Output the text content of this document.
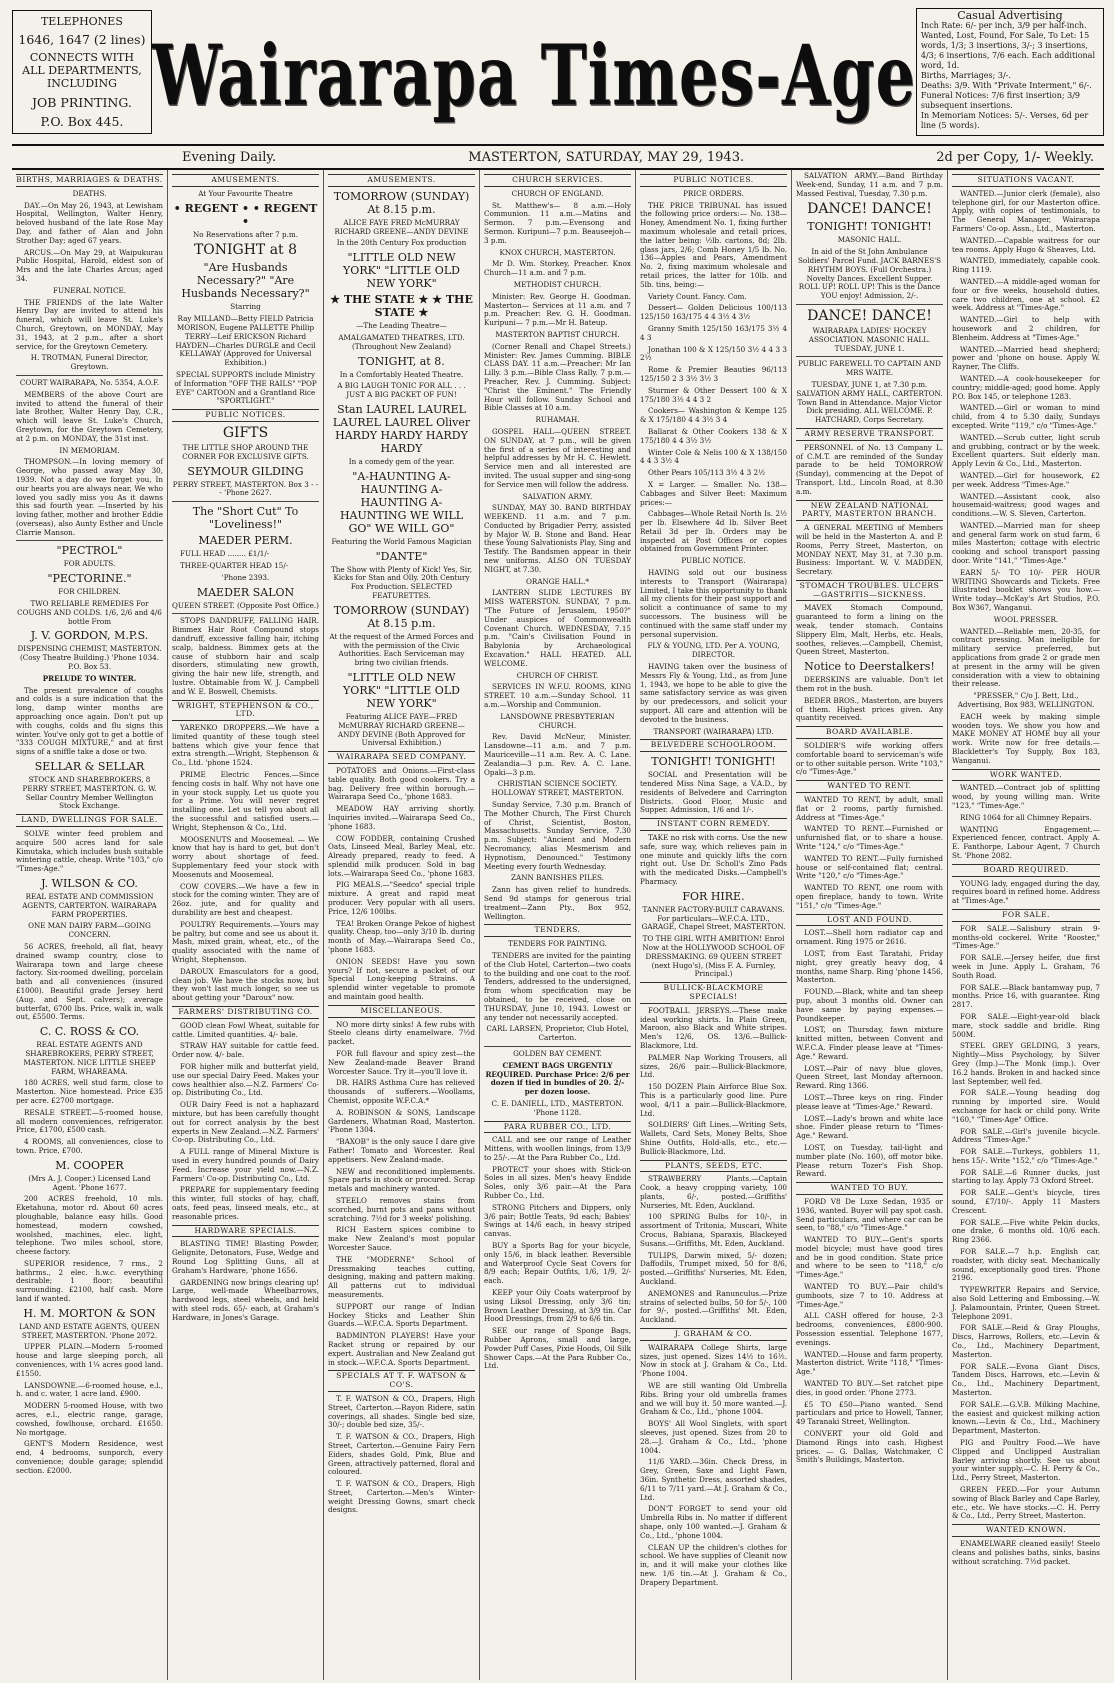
TELEPHONES
1646, 1647 (2 lines)
CONNECTS WITH ALL DEPARTMENTS, INCLUDING
JOB PRINTING.
P.O. Box 445. Wairarapa Times-Age
Casual Advertising
Inch Rate: 6/- per inch, 3/9 per half-inch.
Wanted, Lost, Found, For Sale, To Let: 15 words, 1/3; 3 insertions, 3/-; 3 insertions, 4/3; 6 insertions, 7/6 each. Each additional word, 1d.
Births, Marriages; 3/-.
Deaths: 3/9. With "Private Interment," 6/-.
Funeral Notices: 7/6 first insertion; 3/9 subsequent insertions.
In Memoriam Notices: 5/-. Verses, 6d per line (5 words).
Evening Daily.	MASTERTON, SATURDAY, MAY 29, 1943.	2d per Copy, 1/- Weekly.
BIRTHS, MARRIAGES & DEATHS.

DEATHS.

DAY.—On May 26, 1943, at Lewisham Hospital, Wellington, Walter Henry, beloved husband of the late Rose May Day, and father of Alan and John Strother Day; aged 67 years.

ARCUS.—On May 29, at Waipukurau Public Hospital, Harold, eldest son of Mrs and the late Charles Arcus; aged 34.

FUNERAL NOTICE.

THE FRIENDS of the late Walter Henry Day are invited to attend his funeral, which will leave St. Luke's Church, Greytown, on MONDAY, May 31, 1943, at 2 p.m., after a short service, for the Greytown Cemetery.

H. TROTMAN, Funeral Director, Greytown.

COURT WAIRARAPA, No. 5354, A.O.F.

MEMBERS of the above Court are invited to attend the funeral of their late Brother, Walter Henry Day, C.R., which will leave St. Luke's Church, Greytown, for the Greytown Cemetery, at 2 p.m. on MONDAY, the 31st inst.

IN MEMORIAM.

THOMPSON.—In loving memory of George, who passed away May 30, 1939. Not a day do we forget you, In our hearts you are always near, We who loved you sadly miss you As it dawns this sad fourth year. —Inserted by his loving father, mother and brother Eddie (overseas), also Aunty Esther and Uncle Clarrie Manson.

"PECTROL"

FOR ADULTS.

"PECTORINE."

FOR CHILDREN.

TWO RELIABLE REMEDIES For COUGHS AND COLDS. 1/6, 2/6 and 4/6 bottle From

J. V. GORDON, M.P.S.

DISPENSING CHEMIST, MASTERTON. (Cosy Theatre Building.) 'Phone 1034. P.O. Box 53.

PRELUDE TO WINTER.

The present prevalence of coughs and colds is a sure indication that the long, damp winter months are approaching once again. Don't put up with coughs, colds and flu signs this winter. You've only got to get a bottle of "333 COUGH MIXTURE," and at first signs of a sniffle take a dose or two.

SELLAR & SELLAR

STOCK AND SHAREBROKERS, 8 PERRY STREET, MASTERTON. G. W. Sellar Country Member Wellington Stock Exchange.

LAND, DWELLINGS FOR SALE.

SOLVE winter feed problem and acquire 500 acres land for sale Kimutaka, which includes bush suitable wintering cattle, cheap. Write "103," c/o "Times-Age."

J. WILSON & CO.

REAL ESTATE AND COMMISSION AGENTS, CARTERTON. WAIRARAPA FARM PROPERTIES.

ONE MAN DAIRY FARM—GOING CONCERN.

56 ACRES, freehold, all flat, heavy drained swamp country, close to Wairarapa town and large cheese factory. Six-roomed dwelling, porcelain bath and all conveniences (insured £1000). Beautiful grade Jersey herd (Aug. and Sept. calvers); average butterfat, 6700 lbs. Price, walk in, walk out, £5500. Terms.

C. C. ROSS & CO.

REAL ESTATE AGENTS AND SHAREBROKERS, PERRY STREET, MASTERTON. NICE LITTLE SHEEP FARM, WHAREAMA.

180 ACRES, well stud farm, close to Masterton. Nice homestead. Price £35 per acre. £2700 mortgage.

RESALE STREET.—5-roomed house, all modern conveniences, refrigerator. Price, £1700, £500 cash.

4 ROOMS, all conveniences, close to town. Price, £700.

M. COOPER

(Mrs A. J. Cooper.) Licensed Land Agent. 'Phone 1677.

200 ACRES freehold, 10 mls. Eketahuna, motor rd. About 60 acres ploughable, balance easy hills. Good homestead, modern cowshed, woolshed, machines, elec. light, telephone. Two miles school, store, cheese factory.

SUPERIOR residence, 7 rms., 2 bathrms., 2 elec. h.w.c. everything desirable; 1 floor; beautiful surrounding. £2100, half cash. More land if wanted.

H. M. MORTON & SON

LAND AND ESTATE AGENTS, QUEEN STREET, MASTERTON. 'Phone 2072.

UPPER PLAIN.—Modern 5-roomed house and large sleeping porch, all conveniences, with 1¼ acres good land. £1550.

LANSDOWNE.—6-roomed house, e.l., h. and c. water, 1 acre land. £900.

MODERN 5-roomed House, with two acres, e.l., electric range, garage, cowshed, fowlhouse, orchard. £1650. No mortgage.

GENT'S Modern Residence, west end, 4 bedrooms, sunporch, every convenience; double garage; splendid section. £2000.

AMUSEMENTS.

At Your Favourite Theatre

• REGENT • • REGENT •

No Reservations after 7 p.m.

TONIGHT at 8

"Are Husbands Necessary?" "Are Husbands Necessary?"

Starring

Ray MILLAND—Betty FIELD Patricia MORISON, Eugene PALLETTE Phillip TERRY—Leif ERICKSON Richard HAYDEN—Charles DURGLE and Cecil KELLAWAY (Approved for Universal Exhibition.)

SPECIAL SUPPORTS include Ministry of Information "OFF THE RAILS" "POP EYE" CARTOON and a Grantland Rice "SPORTLIGHT."

PUBLIC NOTICES.

GIFTS

THE LITTLE SHOP AROUND THE CORNER FOR EXCLUSIVE GIFTS.

SEYMOUR GILDING

PERRY STREET, MASTERTON. Box 3 - - - 'Phone 2627.

The "Short Cut" To "Loveliness!"

MAEDER PERM.

FULL HEAD ........ £1/1/-

THREE-QUARTER HEAD 15/-

'Phone 2393.

MAEDER SALON

QUEEN STREET. (Opposite Post Office.)

STOPS DANDRUFF, FALLING HAIR. Bimmex Hair Root Compound stops dandruff, excessive falling hair, itching scalp, baldness. Bimmex gets at the cause of stubborn hair and scalp disorders, stimulating new growth, giving the hair new life, strength, and lustre. Obtainable from W. J. Campbell and W. E. Boswell, Chemists.

WRIGHT, STEPHENSON & CO., LTD.

YARENKO DROPPERS.—We have a limited quantity of these tough steel battens which give your fence that extra strength.—Wright, Stephenson & Co., Ltd. 'phone 1524.

PRIME Electric Fences.—Since fencing costs in half. Why not have one in your stock supply. Let us quote you for a Prime. You will never regret installing one. Let us tell you about all the successful and satisfied users.—Wright, Stephenson & Co., Ltd.

MOOSENUTS and Moosemeal. — We know that hay is hard to get, but don't worry about shortage of feed. Supplementary feed your stock with Moosenuts and Moosemeal.

COW COVERS.—We have a few in stock for the coming winter. They are of 26oz. jute, and for quality and durability are best and cheapest.

POULTRY Requirements.—Yours may be paltry, but come and see us about it. Mash, mixed grain, wheat, etc., of the quality associated with the name of Wright, Stephenson.

DAROUX Emasculators for a good, clean job. We have the stocks now, but they won't last much longer, so see us about getting your "Daroux" now.

FARMERS' DISTRIBUTING CO.

GOOD clean Fowl Wheat, suitable for cattle. Limited quantities. 4/- bale.

STRAW HAY suitable for cattle feed. Order now. 4/- bale.

FOR higher milk and butterfat yield, use our special Dairy Feed. Makes your cows healthier also.—N.Z. Farmers' Co-op. Distributing Co., Ltd.

OUR Dairy Feed is not a haphazard mixture, but has been carefully thought out for correct analysis by the best experts in New Zealand.—N.Z. Farmers' Co-op. Distributing Co., Ltd.

A FULL range of Mineral Mixture is used in every hundred pounds of Dairy Feed. Increase your yield now.—N.Z. Farmers' Co-op. Distributing Co., Ltd.

PREPARE for supplementary feeding this winter, full stocks of hay, chaff, oats, feed peas, linseed meals, etc., at reasonable prices.

HARDWARE SPECIALS.

BLASTING TIME! Blasting Powder, Gelignite, Detonators, Fuse, Wedge and Round Log Splitting Guns, all at Graham's Hardware, 'phone 1656.

GARDENING now brings clearing up! Large, well-made Wheelbarrows, hardwood legs, steel wheels, and held with steel rods. 65/- each, at Graham's Hardware, in Jones's Garage.

AMUSEMENTS.

TOMORROW (SUNDAY) At 8.15 p.m.

ALICE FAYE FRED McMURRAY RICHARD GREENE—ANDY DEVINE

In the 20th Century Fox production

"LITTLE OLD NEW YORK" "LITTLE OLD NEW YORK"

★ THE STATE ★ ★ THE STATE ★

—The Leading Theatre—

AMALGAMATED THEATRES, LTD. (Throughout New Zealand)

TONIGHT, at 8.

In a Comfortably Heated Theatre.

A BIG LAUGH TONIC FOR ALL . . . JUST A BIG PACKET OF FUN!

Stan LAUREL LAUREL LAUREL LAUREL Oliver HARDY HARDY HARDY HARDY

In a comedy gem of the year.

"A-HAUNTING A-HAUNTING A-HAUNTING A-HAUNTING WE WILL GO" WE WILL GO"

Featuring the World Famous Magician

"DANTE"

The Show with Plenty of Kick! Yes, Sir, Kicks for Stan and Olly. 20th Century Fox Production. SELECTED FEATURETTES.

TOMORROW (SUNDAY) At 8.15 p.m.

At the request of the Armed Forces and with the permission of the Civic Authorities. Each Serviceman may bring two civilian friends.

"LITTLE OLD NEW YORK" "LITTLE OLD NEW YORK"

Featuring ALICE FAYE—FRED McMURRAY RICHARD GREENE—ANDY DEVINE (Both Approved for Universal Exhibition.)

WAIRARAPA SEED COMPANY.

POTATOES and Onions.—First-class table quality. Both good cookers. Try a bag. Delivery free within borough.—Wairarapa Seed Co., 'phone 1683.

MEADOW HAY arriving shortly. Inquiries invited.—Wairarapa Seed Co., 'phone 1683.

COW FODDER, containing Crushed Oats, Linseed Meal, Barley Meal, etc. Already prepared, ready to feed. A splendid milk producer. Sold in bag lots.—Wairarapa Seed Co., 'phone 1683.

PIG MEALS.—"Seedco" special triple mixture. A great and rapid meat producer. Very popular with all users. Price, 12/6 100lbs.

TEA! Broken Orange Pekoe of highest quality. Cheap, too—only 3/10 lb. during month of May.—Wairarapa Seed Co., 'phone 1683.

ONION SEEDS! Have you sown yours? If not, secure a packet of our Special Long-keeping Strains. A splendid winter vegetable to promote and maintain good health.

MISCELLANEOUS.

NO more dirty sinks! A few rubs with Steelo cleans dirty enamelware. 7½d packet.

FOR full flavour and spicy zest—the New Zealand-made Beaver Brand Worcester Sauce. Try it—you'll love it.

DR. HAIRS Asthma Cure has relieved thousands of sufferers.—Woollams, Chemist, opposite W.F.C.A.*

A. ROBINSON & SONS, Landscape Gardeners, Whatman Road, Masterton. 'Phone 1304.

"BAXOB" is the only sauce I dare give Father! Tomato and Worcester. Real appetisers. New Zealand-made.

NEW and reconditioned implements. Spare parts in stock or procured. Scrap metals and machinery wanted.

STEELO removes stains from scorched, burnt pots and pans without scratching. 7½d for 3 weeks' polishing.

RICH Eastern spices combine to make New Zealand's most popular Worcester Sauce.

THE "MODERNE" School of Dressmaking teaches cutting, designing, making and pattern making. All patterns cut to individual measurements.

SUPPORT our range of Indian Hockey Sticks and Leather Shin Guards.—W.F.C.A. Sports Department.

BADMINTON PLAYERS! Have your Racket strung or repaired by our expert. Australian and New Zealand gut in stock.—W.F.C.A. Sports Department.

SPECIALS AT T. F. WATSON & CO'S.

T. F. WATSON & CO., Drapers, High Street, Carterton.—Rayon Ridere, satin coverings, all shades. Single bed size, 30/-; double bed size, 35/-.

T. F. WATSON & CO., Drapers, High Street, Carterton.—Genuine Fairy Fern Eiders, shades Gold, Pink, Blue and Green, attractively patterned, floral and coloured.

T. F. WATSON & CO., Drapers, High Street, Carterton.—Men's Winter-weight Dressing Gowns, smart check designs.

CHURCH SERVICES.

CHURCH OF ENGLAND.

St. Matthew's— 8 a.m.—Holy Communion. 11 a.m.—Matins and Sermon. 7 p.m.—Evensong and Sermon. Kuripuni—7 p.m. Beauseejoh—3 p.m.

KNOX CHURCH, MASTERTON.

Mr D. Wm. Storkey, Preacher. Knox Church—11 a.m. and 7 p.m.

METHODIST CHURCH.

Minister: Rev. George H. Goodman. Masterton— Services at 11 a.m. and 7 p.m. Preacher: Rev. G. H. Goodman. Kuripuni— 7 p.m.—Mr H. Bateup.

MASTERTON BAPTIST CHURCH.

(Corner Renall and Chapel Streets.) Minister: Rev. James Cumming. BIBLE CLASS DAY. 11 a.m.—Preacher: Mr Ian Lilly. 3 p.m.—Bible Class Rally. 7 p.m.—Preacher, Rev. J. Cumming. Subject: "Christ the Eminent." The Friendly Hour will follow. Sunday School and Bible Classes at 10 a.m.

RUHAMAH.

GOSPEL HALL—QUEEN STREET. ON SUNDAY, at 7 p.m., will be given the first of a series of interesting and helpful addresses by Mr H. C. Hewlett. Service men and all interested are invited. The usual supper and sing-song for Service men will follow the address.

SALVATION ARMY.

SUNDAY, MAY 30. BAND BIRTHDAY WEEKEND. 11 a.m. and 7 p.m. Conducted by Brigadier Perry, assisted by Major W. B. Stone and Band. Hear these Young Salvationists Play, Sing and Testify. The Bandsmen appear in their new uniforms. ALSO ON TUESDAY NIGHT, at 7.30.

ORANGE HALL.*

LANTERN SLIDE LECTURES BY MISS WATERSTON. SUNDAY, 7 p.m. "The Future of Jerusalem, 1950?" Under auspices of Commonwealth Covenant Church. WEDNESDAY, 7.15 p.m. "Cain's Civilisation Found in Babylonia by Archaeological Excavation." HALL HEATED. ALL WELCOME.

CHURCH OF CHRIST.

SERVICES IN W.F.U. ROOMS, KING STREET. 10 a.m.—Sunday School. 11 a.m.—Worship and Communion.

LANSDOWNE PRESBYTERIAN CHURCH.

Rev. David McNeur, Minister. Lansdowne—11 a.m. and 7 p.m. Mauriceville—11 a.m. Rev. A. C. Lane. Zealandia—3 p.m. Rev. A. C. Lane. Opaki—3 p.m.

CHRISTIAN SCIENCE SOCIETY. HOLLOWAY STREET, MASTERTON.

Sunday Service, 7.30 p.m. Branch of The Mother Church, The First Church of Christ, Scientist, Boston, Massachusetts. Sunday Service, 7.30 p.m. Subject: "Ancient and Modern Necromancy, alias Mesmerism and Hypnotism, Denounced." Testimony Meeting every fourth Wednesday.

ZANN BANISHES PILES.

Zann has given relief to hundreds. Send 9d stamps for generous trial treatment—Zann Pty., Box 952, Wellington.

TENDERS.

TENDERS FOR PAINTING.

TENDERS are invited for the painting of the Club Hotel, Carterton—two coats to the building and one coat to the roof. Tenders, addressed to the undersigned, from whom specification may be obtained, to be received, close on THURSDAY, June 10, 1943. Lowest or any tender not necessarily accepted.

CARL LARSEN, Proprietor, Club Hotel, Carterton.

GOLDEN BAY CEMENT.

CEMENT BAGS URGENTLY REQUIRED. Purchase Price: 2/6 per dozen if tied in bundles of 20. 2/- per dozen loose.

C. E. DANIELL, LTD., MASTERTON. 'Phone 1128.

PARA RUBBER CO., LTD.

CALL and see our range of Leather Mittens, with woollen linings, from 13/9 to 25/-.—At the Para Rubber Co., Ltd.

PROTECT your shoes with Stick-on Soles in all sizes. Men's heavy Endide Soles, only 3/6 pair.—At the Para Rubber Co., Ltd.

STRONG Pitchers and Dippers, only 3/6 pair; Bottle Teats, 9d each; Babies' Swings at 14/6 each, in heavy striped canvas.

BUY a Sports Bag for your bicycle, only 15/6, in black leather. Reversible and Waterproof Cycle Seat Covers for 8/9 each; Repair Outfits, 1/6, 1/9, 2/- each.

KEEP your Oily Coats waterproof by using Liksol Dressing, only 3/6 tin; Brown Leather Dressing, at 3/9 tin. Car Hood Dressings, from 2/9 to 6/6 tin.

SEE our range of Sponge Bags, Rubber Aprons, small and large, Powder Puff Cases, Pixie Hoods, Oil Silk Shower Caps.—At the Para Rubber Co., Ltd.

PUBLIC NOTICES.

PRICE ORDERS.

THE PRICE TRIBUNAL has issued the following price orders:— No. 138—Honey, Amendment No. 1, fixing further maximum wholesale and retail prices, the latter being: ½lb. cartons, 8d; 2lb. glass jars, 2/6; Comb Honey 1/5 lb. No. 136—Apples and Pears, Amendment No. 2, fixing maximum wholesale and retail prices, the latter for 10lb. and 5lb. tins, being:—

Variety Count. Fancy. Com.

Dessert— Golden Delicious 100/113 125/150 163/175 4 4 3½ 4 3½

Granny Smith 125/150 163/175 3½ 4 4 3

Jonathan 100 & X 125/150 3½ 4 4 3 3 2½

Rome & Premier Beauties 96/113 125/150 2 3 3½ 3½ 3

Sturmer & Other Dessert 100 & X 175/180 3½ 4 4 3 2

Cookers— Washington & Kempe 125 & X 175/180 4 4 3½ 3 4

Ballarat & Other Cookers 138 & X 175/180 4 4 3½ 3½

Winter Cole & Nelis 100 & X 138/150 4 4 3 3½ 4

Other Pears 105/113 3½ 4 3 2½

X = Larger. — Smaller. No. 138—Cabbages and Silver Beet: Maximum prices:—

Cabbages—Whole Retail North Is. 2½ per lb. Elsewhere 4d lb. Silver Beet Retail 3d per lb. Orders may be inspected at Post Offices or copies obtained from Government Printer.

PUBLIC NOTICE.

HAVING sold out our business interests to Transport (Wairarapa) Limited, I take this opportunity to thank all my clients for their past support and solicit a continuance of same to my successors. The business will be continued with the same staff under my personal supervision.

FLY & YOUNG, LTD. Per A. YOUNG, DIRECTOR.

HAVING taken over the business of Messrs Fly & Young, Ltd., as from June 1, 1943, we hope to be able to give the same satisfactory service as was given by our predecessors, and solicit your support. All care and attention will be devoted to the business.

TRANSPORT (WAIRARAPA) LTD.

BELVEDERE SCHOOLROOM.

TONIGHT! TONIGHT!

SOCIAL and Presentation will be tendered Miss Nina Sage, a V.A.D., by residents of Belvedere and Carrington Districts. Good Floor, Music and Supper. Admission, 1/6 and 1/-.

INSTANT CORN REMEDY.

TAKE no risk with corns. Use the new safe, sure way, which relieves pain in one minute and quickly lifts the corn right out. Use Dr. Scholl's Zino Pads with the medicated Disks.—Campbell's Pharmacy.

FOR HIRE.

TANNER FACTORY-BUILT CARAVANS. For particulars—W.F.C.A. LTD., GARAGE, Chapel Street, MASTERTON.

TO THE GIRL WITH AMBITION! Enrol Now at the HOLLYWOOD SCHOOL OF DRESSMAKING. 69 QUEEN STREET (next Hugo's), (Miss F. A. Furnley, Principal.)

BULLICK-BLACKMORE SPECIALS!

FOOTBALL JERSEYS.—These make ideal working shirts. In Plain Green, Maroon, also Black and White stripes. Men's 12/6, OS. 13/6.—Bullick-Blackmore, Ltd.

PALMER Nap Working Trousers, all sizes, 26/6 pair.—Bullick-Blackmore, Ltd.

150 DOZEN Plain Airforce Blue Sox. This is a particularly good line. Pure wool, 4/11 a pair.—Bullick-Blackmore, Ltd.

SOLDIERS' Gift Lines.—Writing Sets, Wallets, Card Sets, Money Belts, Shoe Shine Outfits, Hold-alls, etc., etc.—Bullick-Blackmore, Ltd.

PLANTS, SEEDS, ETC.

STRAWBERRY Plants.—Captain Cook, a heavy cropping variety, 100 plants, 6/-, posted.—Griffiths' Nurseries, Mt. Eden, Auckland.

100 SPRING Bulbs for 10/-, in assortment of Tritonia, Muscari, White Crocus, Babiana, Sparaxis, Blackeyed Susans.—Griffiths, Mt. Eden, Auckland.

TULIPS, Darwin mixed, 5/- dozen; Daffodils, Trumpet mixed, 50 for 8/6, posted.—Griffiths' Nurseries, Mt. Eden, Auckland.

ANEMONES and Ranunculus.—Prize strains of selected bulbs, 50 for 5/-, 100 for 9/-, posted.—Griffiths' Mt. Eden, Auckland.

J. GRAHAM & CO.

WAIRARAPA College Shirts, large sizes, just opened. Sizes 14½ to 16½. Now in stock at J. Graham & Co., Ltd. 'Phone 1004.

WE are still wanting Old Umbrella Ribs. Bring your old umbrella frames and we will buy it. 50 more wanted.—J. Graham & Co., Ltd., 'phone 1004.

BOYS' All Wool Singlets, with sport sleeves, just opened. Sizes from 20 to 28.—J. Graham & Co., Ltd., 'phone 1004.

11/6 YARD.—36in. Check Dress, in Grey, Green, Saxe and Light Fawn, 36in. Synthetic Dress, assorted shades, 6/11 to 7/11 yard.—At J. Graham & Co., Ltd.

DON'T FORGET to send your old Umbrella Ribs in. No matter if different shape, only 100 wanted.—J. Graham & Co., Ltd., 'phone 1004.

CLEAN UP the children's clothes for school. We have supplies of Cleanit now in, and it will make your clothes like new. 1/6 tin.—At J. Graham & Co., Drapery Department.

SALVATION ARMY.—Band Birthday Week-end, Sunday, 11 a.m. and 7 p.m. Massed Festival, Tuesday, 7.30 p.m.

DANCE! DANCE!

TONIGHT! TONIGHT!

MASONIC HALL.

In aid of the St John Ambulance Soldiers' Parcel Fund. JACK BARNES'S RHYTHM BOYS. (Full Orchestra.) Novelty Dances. Excellent Supper. ROLL UP! ROLL UP! This is the Dance YOU enjoy! Admission, 2/-.

DANCE! DANCE!

WAIRARAPA LADIES' HOCKEY ASSOCIATION. MASONIC HALL. TUESDAY, JUNE 1.

PUBLIC FAREWELL TO CAPTAIN AND MRS WAITE.

TUESDAY, JUNE 1, at 7.30 p.m. SALVATION ARMY HALL, CARTERTON. Town Band in Attendance. Major Victor Dick presiding. ALL WELCOME. P. HATCHARD, Corps Secretary.

ARMY RESERVE TRANSPORT.

PERSONNEL of No. 13 Company L. of C.M.T. are reminded of the Sunday parade to be held TOMORROW (Sunday), commencing at the Depot of Transport, Ltd., Lincoln Road, at 8.30 a.m.

NEW ZEALAND NATIONAL PARTY, MASTERTON BRANCH.

A GENERAL MEETING of Members will be held in the Masterton A. and P. Rooms, Perry Street, Masterton, on MONDAY NEXT, May 31, at 7.30 p.m. Business: Important. W. V. MADDEN, Secretary.

STOMACH TROUBLES. ULCERS—GASTRITIS—SICKNESS.

MAVEX Stomach Compound, guaranteed to form a lining on the weak, tender stomach. Contains Slippery Elm, Malt, Herbs, etc. Heals, soothes, relieves.—Campbell, Chemist, Queen Street, Masterton.

Notice to Deerstalkers!

DEERSKINS are valuable. Don't let them rot in the bush.

BEDER BROS., Masterton, are buyers of them. Highest prices given. Any quantity received.

BOARD AVAILABLE.

SOLDIER'S wife working offers comfortable board to serviceman's wife or to other suitable person. Write "103," c/o "Times-Age."

WANTED TO RENT.

WANTED TO RENT, by adult, small flat or 2 rooms, partly furnished. Address at "Times-Age."

WANTED TO RENT.—Furnished or unfurnished flat, or to share a house. Write "124," c/o "Times-Age."

WANTED TO RENT.—Fully furnished house or self-contained flat; central. Write "120," c/o "Times-Age."

WANTED TO RENT, one room with open fireplace, handy to town. Write "151," c/o "Times-Age."

LOST AND FOUND.

LOST.—Shell horn radiator cap and ornament. Ring 1975 or 2616.

LOST, from East Taratahi, Friday night, grey greatly heavy dog, 4 months, name Sharp. Ring 'phone 1456, Masterton.

FOUND.—Black, white and tan sheep pup, about 3 months old. Owner can have same by paying expenses.—Poundkeeper.

LOST, on Thursday, fawn mixture knitted mitten, between Convent and W.F.C.A. Finder please leave at "Times-Age." Reward.

LOST.—Pair of navy blue gloves, Queen Street, last Monday afternoon. Reward. Ring 1366.

LOST.—Three keys on ring. Finder please leave at "Times-Age." Reward.

LOST.—Lady's brown and white lace shoe. Finder please return to "Times-Age." Reward.

LOST, on Tuesday, tail-light and number plate (No. 160), off motor bike. Please return Tozer's Fish Shop. Reward.

WANTED TO BUY.

FORD V8 De Luxe Sedan, 1935 or 1936, wanted. Buyer will pay spot cash. Send particulars, and where car can be seen, to "88," c/o "Times-Age."

WANTED TO BUY.—Gent's sports model bicycle; must have good tires and be in good condition. State price and where to be seen to "118," c/o "Times-Age."

WANTED TO BUY.—Pair child's gumboots, size 7 to 10. Address at "Times-Age."

ALL CASH offered for house, 2-3 bedrooms, conveniences, £800-900. Possession essential. Telephone 1677, evenings.

WANTED.—House and farm property. Masterton district. Write "118," "Times-Age."

WANTED TO BUY.—Set ratchet pipe dies, in good order. 'Phone 2773.

£5 TO £50—Piano wanted. Send particulars and price to Howell, Tanner, 49 Taranaki Street, Wellington.

CONVERT your old Gold and Diamond Rings into cash. Highest prices. — G. Dallas, Watchmaker, C Smith's Buildings, Masterton.

SITUATIONS VACANT.

WANTED.—Junior clerk (female), also telephone girl, for our Masterton office. Apply, with copies of testimonials, to The General Manager, Wairarapa Farmers' Co-op. Assn., Ltd., Masterton.

WANTED.—Capable waitress for our tea rooms. Apply Hugo & Sheaves, Ltd.

WANTED, immediately, capable cook. Ring 1119.

WANTED.—A middle-aged woman for four or five weeks, household duties, care two children, one at school. £2 week. Address at "Times-Age."

WANTED.—Girl to help with housework and 2 children, for Blenheim. Address at "Times-Age."

WANTED.—Married head shepherd; power and 'phone on house. Apply W. Rayner, The Cliffs.

WANTED.—A cook-housekeeper for country; middle-aged; good home. Apply P.O. Box 145, or telephone 1283.

WANTED.—Girl or woman to mind child, from 4 to 5.30 daily, Sundays excepted. Write "119," c/o "Times-Age."

WANTED.—Scrub cutter, light scrub and grubbing, contract or by the week. Excellent quarters. Suit elderly man. Apply Levin & Co., Ltd., Masterton.

WANTED.—Girl for housework, £2 per week. Address "Times-Age."

WANTED.—Assistant cook, also housemaid-waitress; good wages and conditions.—W. S. Sleven, Carterton.

WANTED.—Married man for sheep and general farm work on stud farm, 6 miles Masterton; cottage with electric cooking and school transport passing door. Write "141," "Times-Age."

EARN 5/- TO 10/- PER HOUR WRITING Showcards and Tickets. Free illustrated booklet shows you how.—Write today—McKay's Art Studios, P.O. Box W367, Wanganui.

WOOL PRESSER.

WANTED.—Reliable men, 20-35, for contract pressing. Man ineligible for military service preferred, but applications from grade 2 or grade men at present in the army will be given consideration with a view to obtaining their release.

"PRESSER," C/o J. Bett, Ltd., Advertising, Box 983, WELLINGTON.

EACH week by making simple wooden toys. We show you how and MAKE MONEY AT HOME buy all your work. Write now for free details.—Blackletter's Toy Supply, Box 183, Wanganui.

WORK WANTED.

WANTED.—Contract job of splitting wood, by young willing man. Write "123," "Times-Age."

RING 1064 for all Chimney Repairs.

WANTING Engagement.—Experienced fencer, contract. Apply A. E. Fanthorpe, Labour Agent, 7 Church St. 'Phone 2082.

BOARD REQUIRED.

YOUNG lady, engaged during the day, requires board in refined home. Address at "Times-Age."

FOR SALE.

FOR SALE.—Salisbury strain 9-months-old cockerel. Write "Rooster," "Times-Age."

FOR SALE.—Jersey heifer, due first week in June. Apply L. Graham, 76 South Road.

FOR SALE.—Black bantamway pup, 7 months. Price 16, with guarantee. Ring 2817.

FOR SALE.—Eight-year-old black mare, stock saddle and bridle. Ring 500M.

STEEL GREY GELDING, 3 years, Nightly—Miss Psychology, by Silver Grey (Imp.)—The Monk (imp.). Over 16.2 hands. Broken in and hacked since last September, well fed.

FOR SALE.—Young heading dog running by imported sire. Would exchange for hack or child pony. Write "160," "Times-Age" Office.

FOR SALE.—Girl's juvenile bicycle. Address "Times-Age."

FOR SALE.—Turkeys, gobblers 11, hens 15/-. Write "152," c/o "Times-Age."

FOR SALE.—6 Runner ducks, just starting to lay. Apply 73 Oxford Street.

FOR SALE.—Gent's bicycle, tires sound, £7/10/-. Apply 11 Masters Crescent.

FOR SALE.—Five white Pekin ducks, one drake, 6 months old. 10/6 each. Ring 2366.

FOR SALE.—7 h.p. English car, roadster, with dicky seat. Mechanically sound, exceptionally good tires. 'Phone 2196.

TYPEWRITER Repairs and Service, also Sold Lettering and Embossing.—W. J. Palamountain, Printer, Queen Street. Telephone 2091.

FOR SALE.—Reid & Gray Ploughs, Discs, Harrows, Rollers, etc.—Levin & Co., Ltd., Machinery Department, Masterton.

FOR SALE.—Evona Giant Discs, Tandem Discs, Harrows, etc.—Levin & Co., Ltd., Machinery Department, Masterton.

FOR SALE.—G.V.B. Milking Machine, the easiest and quickest milking action known.—Levin & Co., Ltd., Machinery Department, Masterton.

PIG and Poultry Food.—We have Clipped and Unclipped Australian Barley arriving shortly. See us about your winter supply.—C. H. Perry & Co., Ltd., Perry Street, Masterton.

GREEN FEED.—For your Autumn sowing of Black Barley and Cape Barley, etc., etc. We have stocks.—C. H. Perry & Co., Ltd., Perry Street, Masterton.

WANTED KNOWN.

ENAMELWARE cleaned easily! Steelo cleans and polishes baths, sinks, basins without scratching. 7½d packet.
